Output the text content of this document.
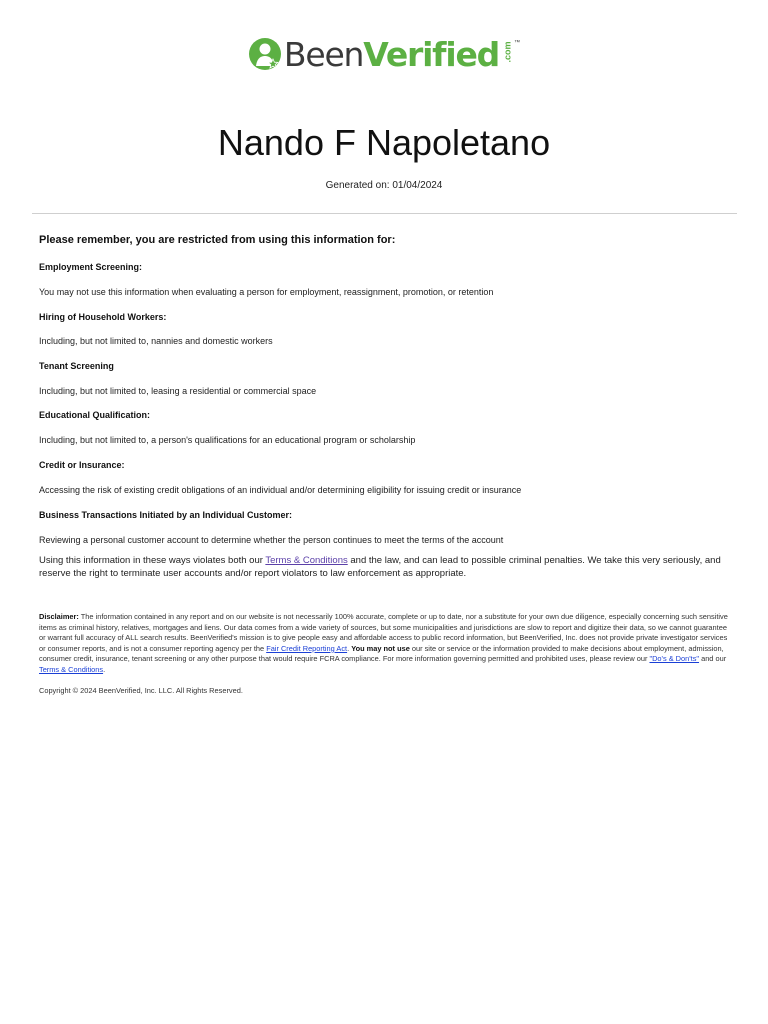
BeenVerified .com ™
Nando F Napoletano
Generated on: 01/04/2024
Please remember, you are restricted from using this information for:
Employment Screening:
You may not use this information when evaluating a person for employment, reassignment, promotion, or retention
Hiring of Household Workers:
Including, but not limited to, nannies and domestic workers
Tenant Screening
Including, but not limited to, leasing a residential or commercial space
Educational Qualification:
Including, but not limited to, a person's qualifications for an educational program or scholarship
Credit or Insurance:
Accessing the risk of existing credit obligations of an individual and/or determining eligibility for issuing credit or insurance
Business Transactions Initiated by an Individual Customer:
Reviewing a personal customer account to determine whether the person continues to meet the terms of the account
Using this information in these ways violates both our Terms & Conditions and the law, and can lead to possible criminal penalties. We take this very seriously, and reserve the right to terminate user accounts and/or report violators to law enforcement as appropriate.
Disclaimer: The information contained in any report and on our website is not necessarily 100% accurate, complete or up to date, nor a substitute for your own due diligence, especially concerning such sensitive items as criminal history, relatives, mortgages and liens. Our data comes from a wide variety of sources, but some municipalities and jurisdictions are slow to report and digitize their data, so we cannot guarantee or warrant full accuracy of ALL search results. BeenVerified's mission is to give people easy and affordable access to public record information, but BeenVerified, Inc. does not provide private investigator services or consumer reports, and is not a consumer reporting agency per the Fair Credit Reporting Act. You may not use our site or service or the information provided to make decisions about employment, admission, consumer credit, insurance, tenant screening or any other purpose that would require FCRA compliance. For more information governing permitted and prohibited uses, please review our "Do's & Don'ts" and our Terms & Conditions.
Copyright © 2024 BeenVerified, Inc. LLC. All Rights Reserved.
